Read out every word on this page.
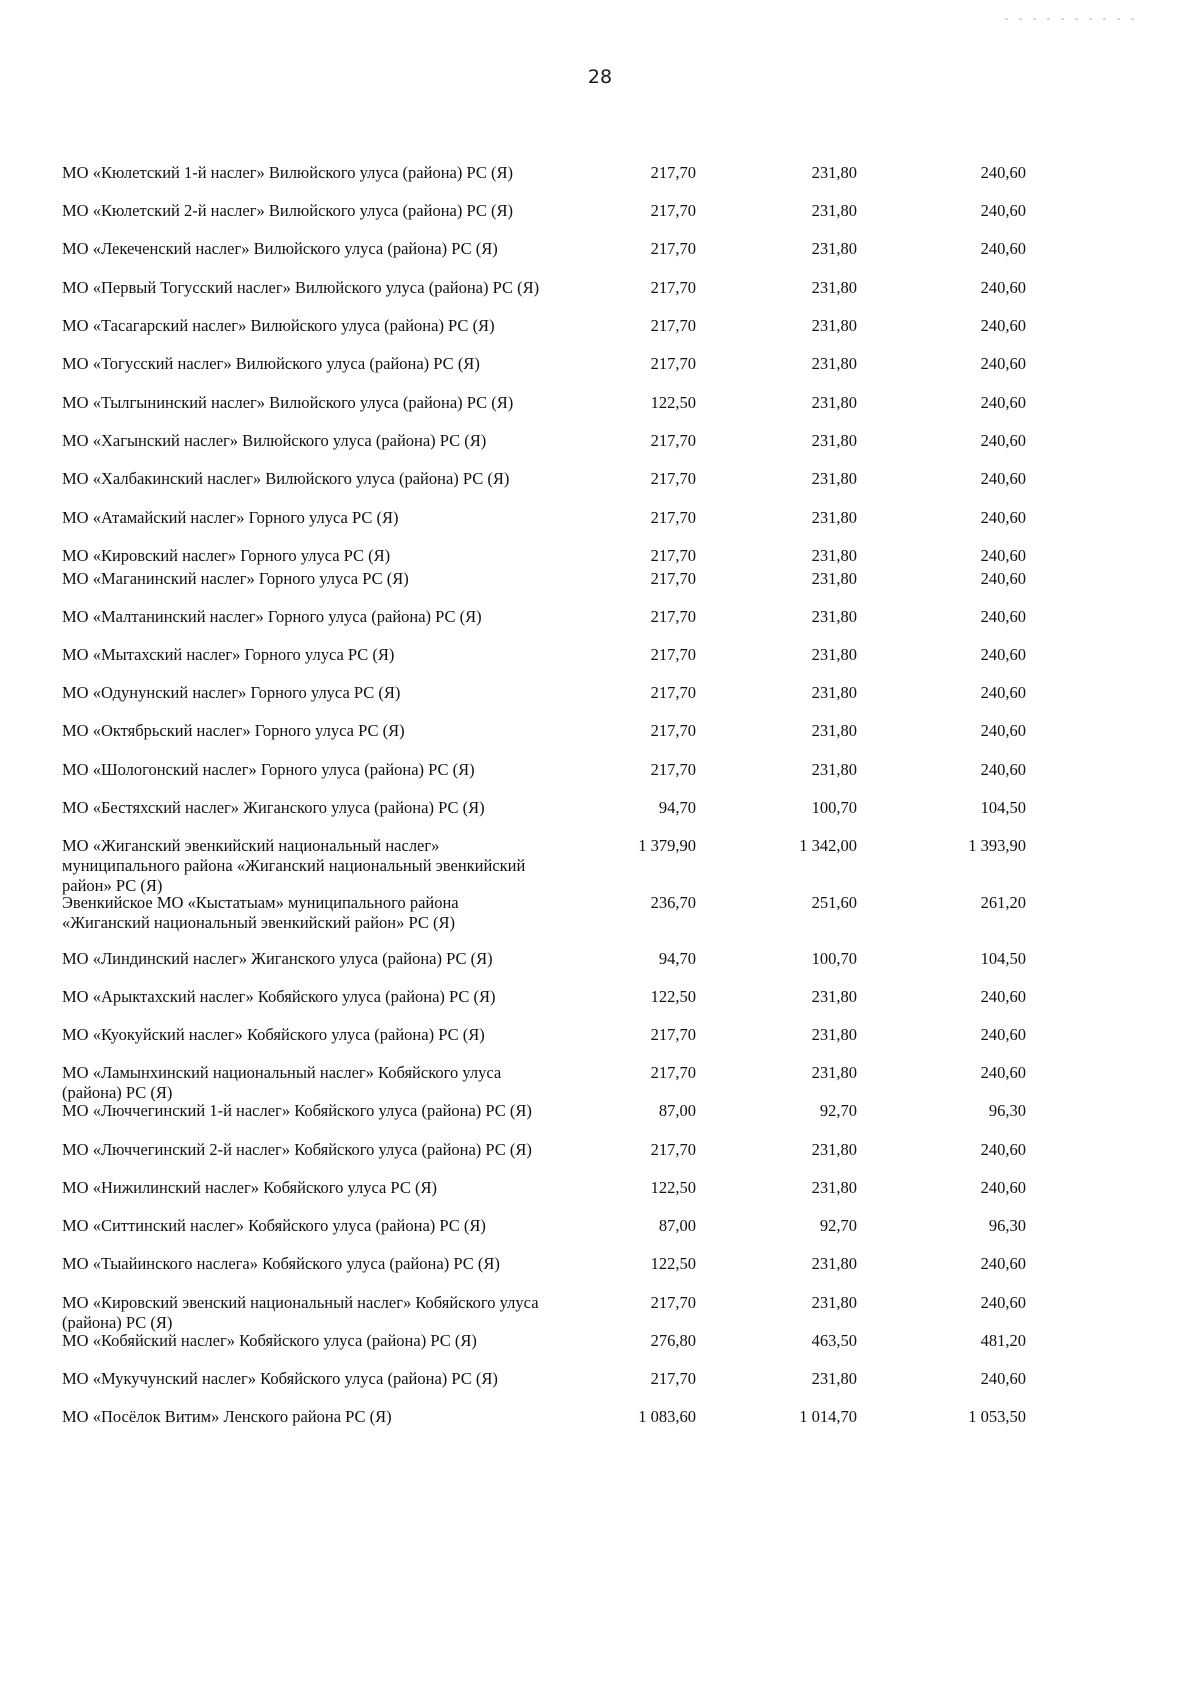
28
МО «Кюлетский 1-й наслег» Вилюйского улуса (района) РС (Я)	217,70	231,80	240,60
МО «Кюлетский 2-й наслег» Вилюйского улуса (района) РС (Я)	217,70	231,80	240,60
МО «Лекеченский наслег» Вилюйского улуса (района) РС (Я)	217,70	231,80	240,60
МО «Первый Тогусский наслег» Вилюйского улуса (района) РС (Я)	217,70	231,80	240,60
МО «Тасагарский наслег» Вилюйского улуса (района) РС (Я)	217,70	231,80	240,60
МО «Тогусский наслег» Вилюйского улуса (района) РС (Я)	217,70	231,80	240,60
МО «Тылгынинский наслег» Вилюйского улуса (района) РС (Я)	122,50	231,80	240,60
МО «Хагынский наслег» Вилюйского улуса (района) РС (Я)	217,70	231,80	240,60
МО «Халбакинский наслег» Вилюйского улуса (района) РС (Я)	217,70	231,80	240,60
МО «Атамайский наслег» Горного улуса РС (Я)	217,70	231,80	240,60
МО «Кировский наслег» Горного улуса РС (Я)	217,70	231,80	240,60
МО «Маганинский наслег» Горного улуса РС (Я)	217,70	231,80	240,60
МО «Малтанинский наслег» Горного улуса (района) РС (Я)	217,70	231,80	240,60
МО «Мытахский наслег» Горного улуса РС (Я)	217,70	231,80	240,60
МО «Одунунский наслег» Горного улуса РС (Я)	217,70	231,80	240,60
МО «Октябрьский наслег» Горного улуса РС (Я)	217,70	231,80	240,60
МО «Шологонский наслег» Горного улуса (района) РС (Я)	217,70	231,80	240,60
МО «Бестяхский наслег» Жиганского улуса (района) РС (Я)	94,70	100,70	104,50
МО «Жиганский эвенкийский национальный наслег» муниципального района «Жиганский национальный эвенкийский район» РС (Я)
1 379,90	1 342,00	1 393,90
Эвенкийское МО «Кыстатыам» муниципального района «Жиганский национальный эвенкийский район» РС (Я)
236,70	251,60	261,20
МО «Линдинский наслег» Жиганского улуса (района) РС (Я)	94,70	100,70	104,50
МО «Арыктахский наслег» Кобяйского улуса (района) РС (Я)	122,50	231,80	240,60
МО «Куокуйский наслег» Кобяйского улуса (района) РС (Я)	217,70	231,80	240,60
МО «Ламынхинский национальный наслег» Кобяйского улуса (района) РС (Я)
217,70	231,80	240,60
МО «Люччегинский 1-й наслег» Кобяйского улуса (района) РС (Я)	87,00	92,70	96,30
МО «Люччегинский 2-й наслег» Кобяйского улуса (района) РС (Я)	217,70	231,80	240,60
МО «Нижилинский наслег» Кобяйского улуса РС (Я)	122,50	231,80	240,60
МО «Ситтинский наслег» Кобяйского улуса (района) РС (Я)	87,00	92,70	96,30
МО «Тыайинского наслега» Кобяйского улуса (района) РС (Я)	122,50	231,80	240,60
МО «Кировский эвенский национальный наслег» Кобяйского улуса (района) РС (Я)
217,70	231,80	240,60
МО «Кобяйский наслег» Кобяйского улуса (района) РС (Я)	276,80	463,50	481,20
МО «Мукучунский наслег» Кобяйского улуса (района) РС (Я)	217,70	231,80	240,60
МО «Посёлок Витим» Ленского района РС (Я)	1 083,60	1 014,70	1 053,50
